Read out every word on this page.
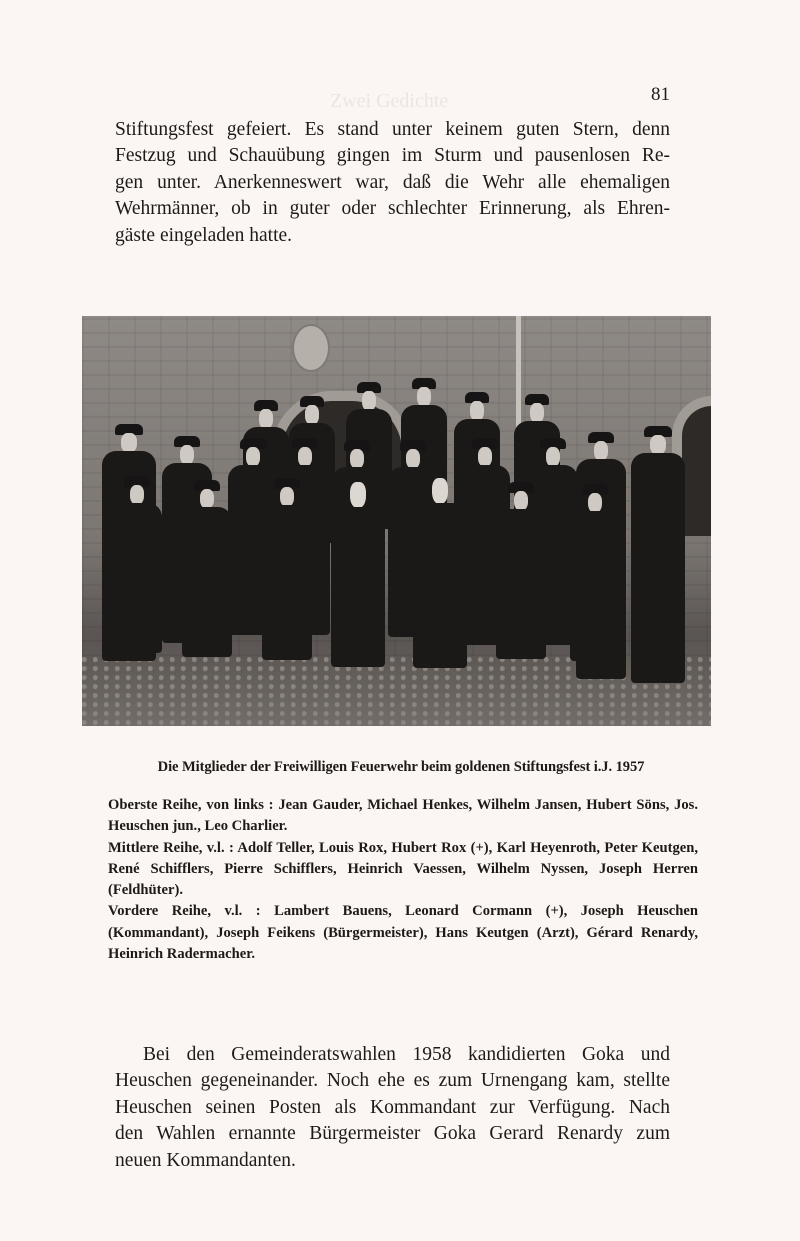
Zwei Gedichte	81
Stiftungsfest gefeiert. Es stand unter keinem guten Stern, denn
Festzug und Schauübung gingen im Sturm und pausenlosen Re-
gen unter. Anerkenneswert war, daß die Wehr alle ehemaligen
Wehrmänner, ob in guter oder schlechter Erinnerung, als Ehren-
gäste eingeladen hatte.

Die Mitglieder der Freiwilligen Feuerwehr beim goldenen Stiftungsfest i.J. 1957

Oberste Reihe, von links : Jean Gauder, Michael Henkes, Wilhelm Jansen, Hubert Söns, Jos. Heuschen jun., Leo Charlier.

Mittlere Reihe, v.l. : Adolf Teller, Louis Rox, Hubert Rox (+), Karl Heyenroth, Peter Keutgen, René Schifflers, Pierre Schifflers, Heinrich Vaessen, Wilhelm Nyssen, Joseph Herren (Feldhüter).

Vordere Reihe, v.l. : Lambert Bauens, Leonard Cormann (+), Joseph Heuschen (Kommandant), Joseph Feikens (Bürgermeister), Hans Keutgen (Arzt), Gérard Renardy, Heinrich Radermacher.

Bei den Gemeinderatswahlen 1958 kandidierten Goka und
Heuschen gegeneinander. Noch ehe es zum Urnengang kam, stellte
Heuschen seinen Posten als Kommandant zur Verfügung. Nach
den Wahlen ernannte Bürgermeister Goka Gerard Renardy zum
neuen Kommandanten.
